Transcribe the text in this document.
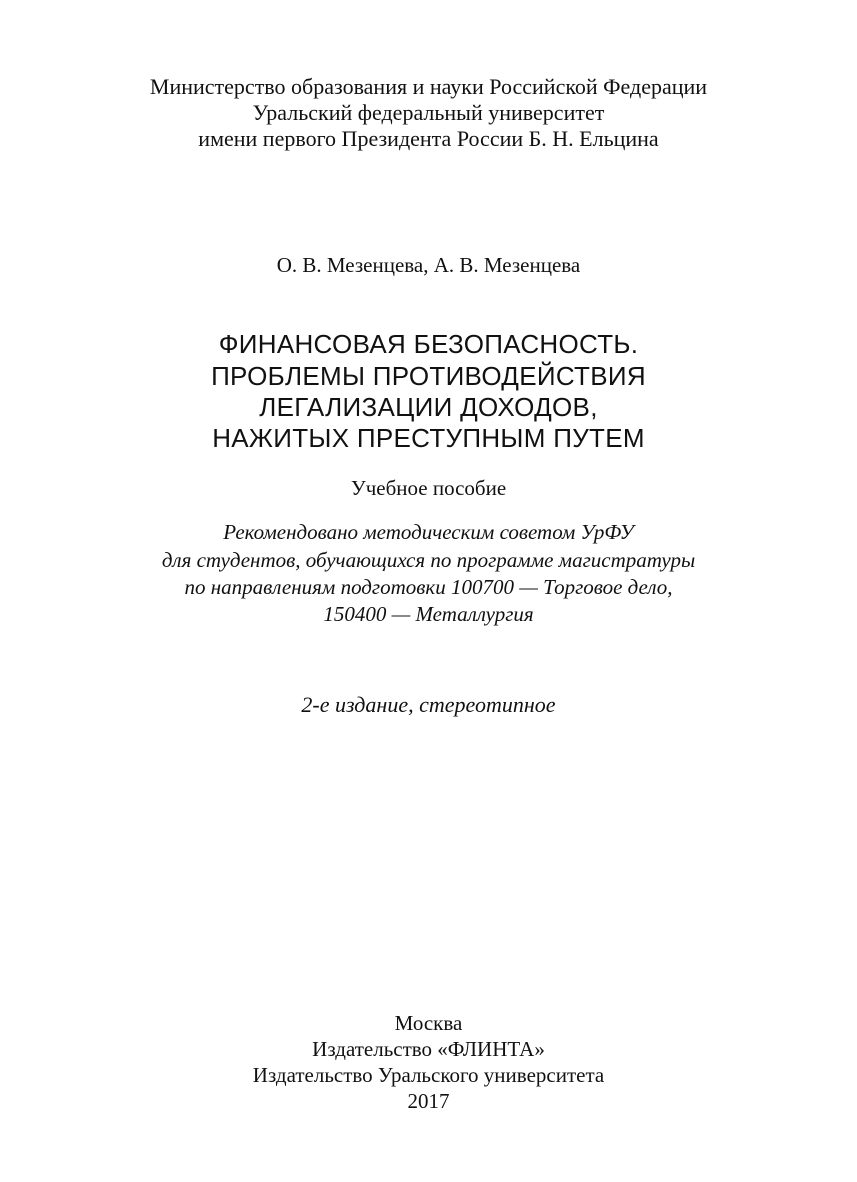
Министерство образования и науки Российской Федерации

Уральский федеральный университет

имени первого Президента России Б. Н. Ельцина

О. В. Мезенцева, А. В. Мезенцева

ФИНАНСОВАЯ БЕЗОПАСНОСТЬ.

ПРОБЛЕМЫ ПРОТИВОДЕЙСТВИЯ

ЛЕГАЛИЗАЦИИ ДОХОДОВ,

НАЖИТЫХ ПРЕСТУПНЫМ ПУТЕМ

Учебное пособие

Рекомендовано методическим советом УрФУ

для студентов, обучающихся по программе магистратуры

по направлениям подготовки 100700 — Торговое дело,

150400 — Металлургия

2-е издание, стереотипное

Москва

Издательство «ФЛИНТА»

Издательство Уральского университета

2017
